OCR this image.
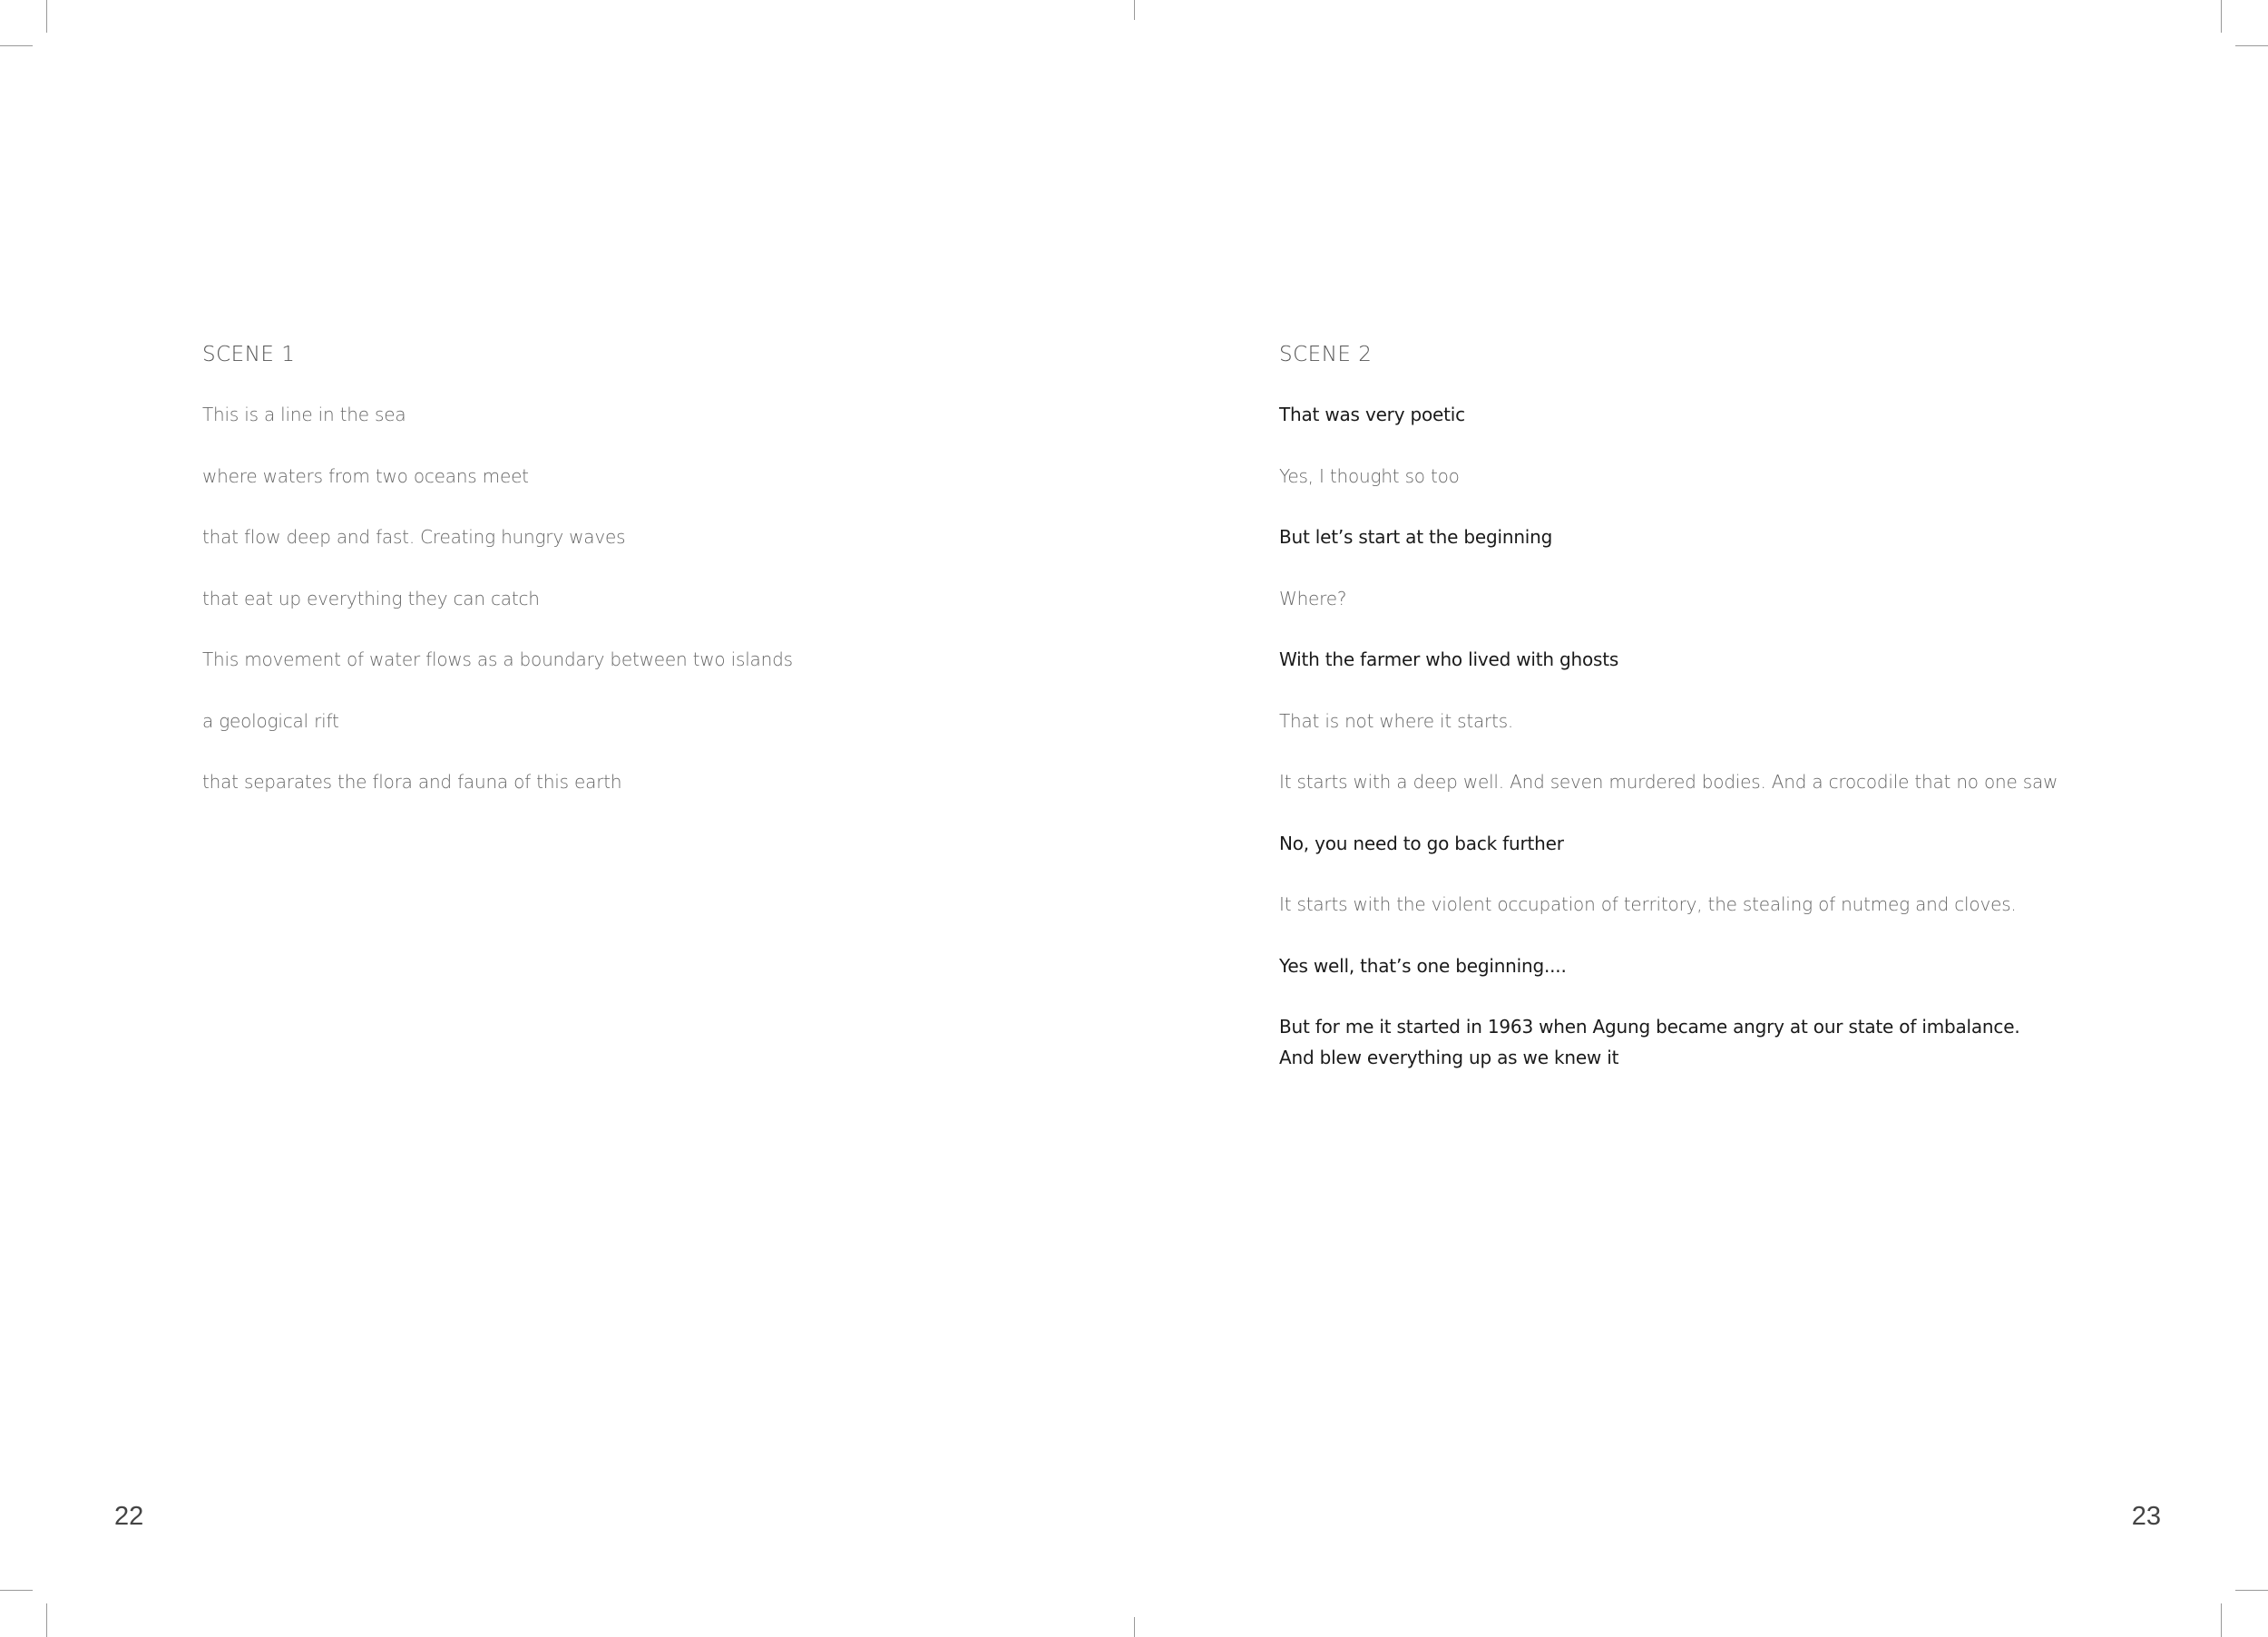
SCENE 1
This is a line in the sea
where waters from two oceans meet
that flow deep and fast. Creating hungry waves
that eat up everything they can catch
This movement of water flows as a boundary between two islands
a geological rift
that separates the flora and fauna of this earth
22
SCENE 2
That was very poetic
Yes, I thought so too
But let’s start at the beginning
Where?
With the farmer who lived with ghosts
That is not where it starts.
It starts with a deep well. And seven murdered bodies. And a crocodile that no one saw
No, you need to go back further
It starts with the violent occupation of territory, the stealing of nutmeg and cloves.
Yes well, that’s one beginning....
But for me it started in 1963 when Agung became angry at our state of imbalance.
And blew everything up as we knew it
23
